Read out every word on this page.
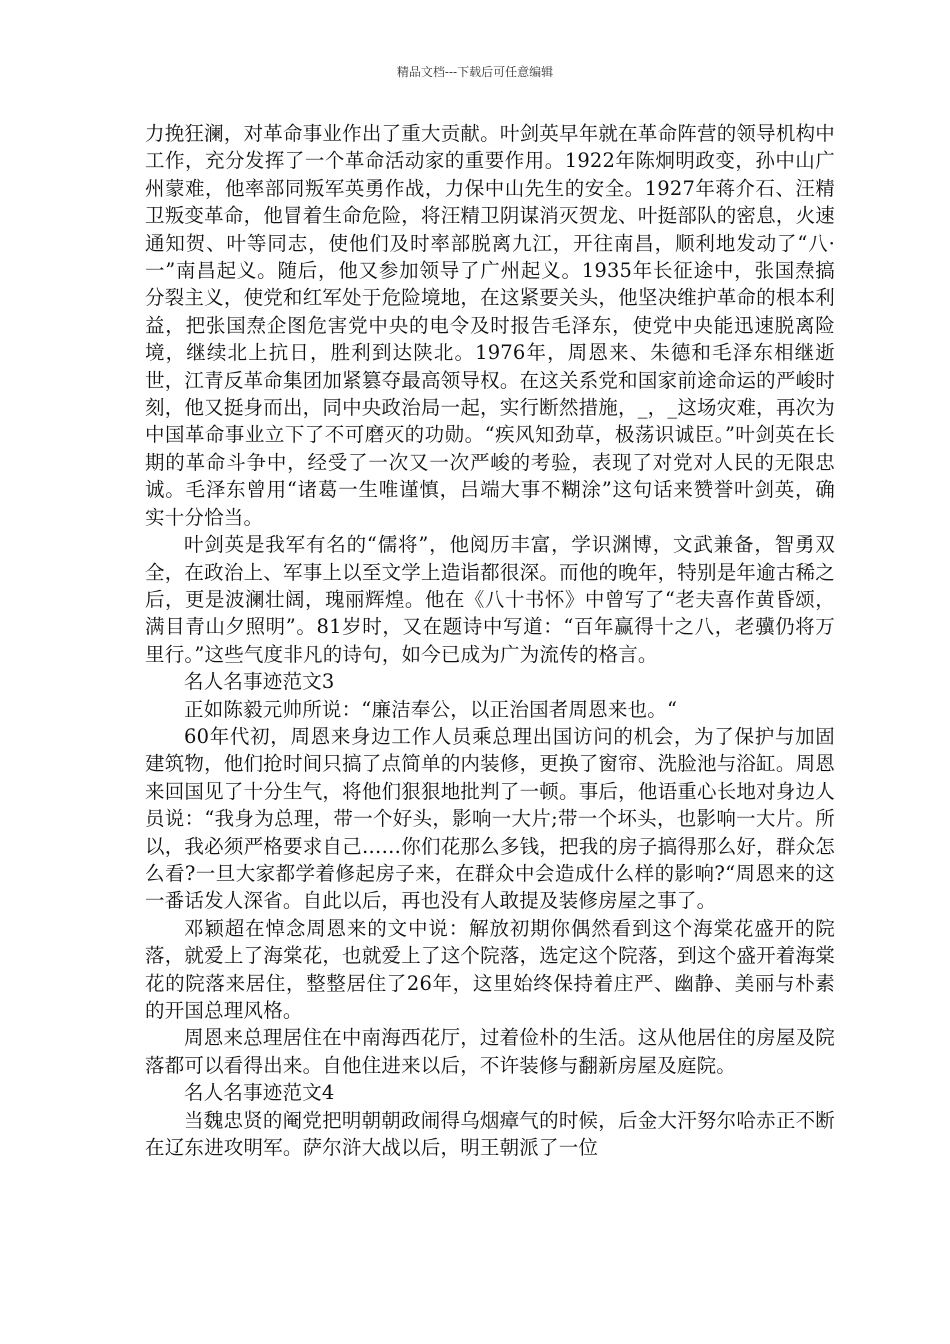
精品文档---下载后可任意编辑

力挽狂澜，对革命事业作出了重大贡献。叶剑英早年就在革命阵营的领导机构中工作，充分发挥了一个革命活动家的重要作用。1922年陈炯明政变，孙中山广州蒙难，他率部同叛军英勇作战，力保中山先生的安全。1927年蒋介石、汪精卫叛变革命，他冒着生命危险，将汪精卫阴谋消灭贺龙、叶挺部队的密息，火速通知贺、叶等同志，使他们及时率部脱离九江，开往南昌，顺利地发动了“八·一”南昌起义。随后，他又参加领导了广州起义。1935年长征途中，张国焘搞分裂主义，使党和红军处于危险境地，在这紧要关头，他坚决维护革命的根本利益，把张国焘企图危害党中央的电令及时报告毛泽东，使党中央能迅速脱离险境，继续北上抗日，胜利到达陕北。1976年，周恩来、朱德和毛泽东相继逝世，江青反革命集团加紧篡夺最高领导权。在这关系党和国家前途命运的严峻时刻，他又挺身而出，同中央政治局一起，实行断然措施，_，_这场灾难，再次为中国革命事业立下了不可磨灭的功勋。“疾风知劲草，极荡识诚臣。”叶剑英在长期的革命斗争中，经受了一次又一次严峻的考验，表现了对党对人民的无限忠诚。毛泽东曾用“诸葛一生唯谨慎，吕端大事不糊涂”这句话来赞誉叶剑英，确实十分恰当。

叶剑英是我军有名的“儒将”，他阅历丰富，学识渊博，文武兼备，智勇双全，在政治上、军事上以至文学上造诣都很深。而他的晚年，特别是年逾古稀之后，更是波澜壮阔，瑰丽辉煌。他在《八十书怀》中曾写了“老夫喜作黄昏颂，满目青山夕照明”。81岁时，又在题诗中写道：“百年赢得十之八，老骥仍将万里行。”这些气度非凡的诗句，如今已成为广为流传的格言。

名人名事迹范文3

正如陈毅元帅所说：“廉洁奉公，以正治国者周恩来也。“

60年代初，周恩来身边工作人员乘总理出国访问的机会，为了保护与加固建筑物，他们抢时间只搞了点简单的内装修，更换了窗帘、洗脸池与浴缸。周恩来回国见了十分生气，将他们狠狠地批判了一顿。事后，他语重心长地对身边人员说：“我身为总理，带一个好头，影响一大片;带一个坏头，也影响一大片。所以，我必须严格要求自己……你们花那么多钱，把我的房子搞得那么好，群众怎么看?一旦大家都学着修起房子来，在群众中会造成什么样的影响?“周恩来的这一番话发人深省。自此以后，再也没有人敢提及装修房屋之事了。

邓颖超在悼念周恩来的文中说：解放初期你偶然看到这个海棠花盛开的院落，就爱上了海棠花，也就爱上了这个院落，选定这个院落，到这个盛开着海棠花的院落来居住，整整居住了26年，这里始终保持着庄严、幽静、美丽与朴素的开国总理风格。

周恩来总理居住在中南海西花厅，过着俭朴的生活。这从他居住的房屋及院落都可以看得出来。自他住进来以后，不许装修与翻新房屋及庭院。

名人名事迹范文4

当魏忠贤的阉党把明朝朝政闹得乌烟瘴气的时候，后金大汗努尔哈赤正不断在辽东进攻明军。萨尔浒大战以后，明王朝派了一位
